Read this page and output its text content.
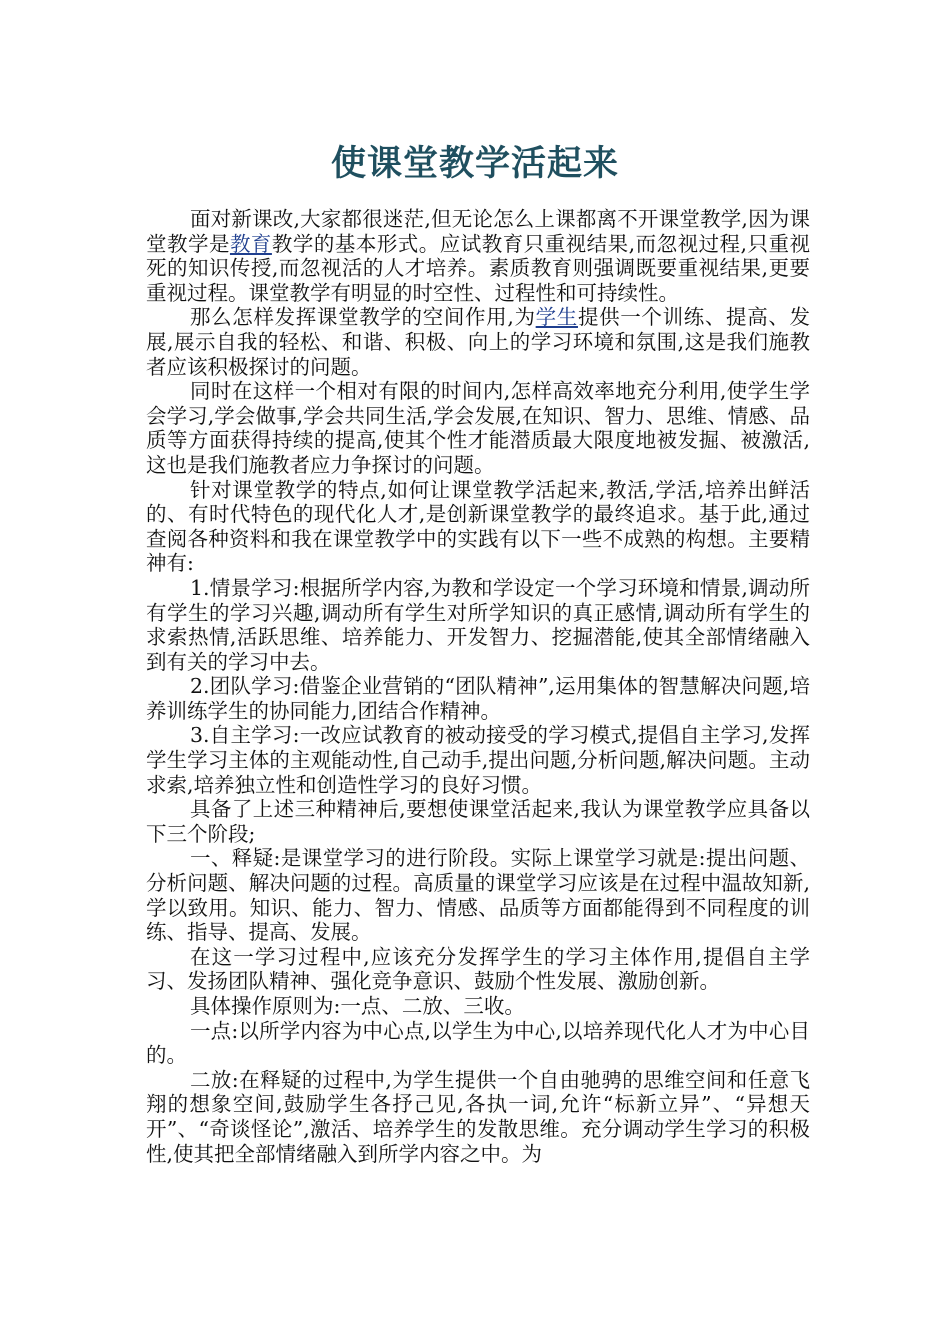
使课堂教学活起来

面对新课改,大家都很迷茫,但无论怎么上课都离不开课堂教学,因为课堂教学是教育教学的基本形式。应试教育只重视结果,而忽视过程,只重视死的知识传授,而忽视活的人才培养。素质教育则强调既要重视结果,更要重视过程。课堂教学有明显的时空性、过程性和可持续性。

那么怎样发挥课堂教学的空间作用,为学生提供一个训练、提高、发展,展示自我的轻松、和谐、积极、向上的学习环境和氛围,这是我们施教者应该积极探讨的问题。

同时在这样一个相对有限的时间内,怎样高效率地充分利用,使学生学会学习,学会做事,学会共同生活,学会发展,在知识、智力、思维、情感、品质等方面获得持续的提高,使其个性才能潜质最大限度地被发掘、被激活,这也是我们施教者应力争探讨的问题。

针对课堂教学的特点,如何让课堂教学活起来,教活,学活,培养出鲜活的、有时代特色的现代化人才,是创新课堂教学的最终追求。基于此,通过查阅各种资料和我在课堂教学中的实践有以下一些不成熟的构想。主要精神有:

1.情景学习:根据所学内容,为教和学设定一个学习环境和情景,调动所有学生的学习兴趣,调动所有学生对所学知识的真正感情,调动所有学生的求索热情,活跃思维、培养能力、开发智力、挖掘潜能,使其全部情绪融入到有关的学习中去。

2.团队学习:借鉴企业营销的“团队精神”,运用集体的智慧解决问题,培养训练学生的协同能力,团结合作精神。

3.自主学习:一改应试教育的被动接受的学习模式,提倡自主学习,发挥学生学习主体的主观能动性,自己动手,提出问题,分析问题,解决问题。主动求索,培养独立性和创造性学习的良好习惯。

具备了上述三种精神后,要想使课堂活起来,我认为课堂教学应具备以下三个阶段;

一、释疑:是课堂学习的进行阶段。实际上课堂学习就是:提出问题、分析问题、解决问题的过程。高质量的课堂学习应该是在过程中温故知新,学以致用。知识、能力、智力、情感、品质等方面都能得到不同程度的训练、指导、提高、发展。

在这一学习过程中,应该充分发挥学生的学习主体作用,提倡自主学习、发扬团队精神、强化竞争意识、鼓励个性发展、激励创新。

具体操作原则为:一点、二放、三收。

一点:以所学内容为中心点,以学生为中心,以培养现代化人才为中心目的。

二放:在释疑的过程中,为学生提供一个自由驰骋的思维空间和任意飞翔的想象空间,鼓励学生各抒己见,各执一词,允许“标新立异”、“异想天开”、“奇谈怪论”,激活、培养学生的发散思维。充分调动学生学习的积极性,使其把全部情绪融入到所学内容之中。为
